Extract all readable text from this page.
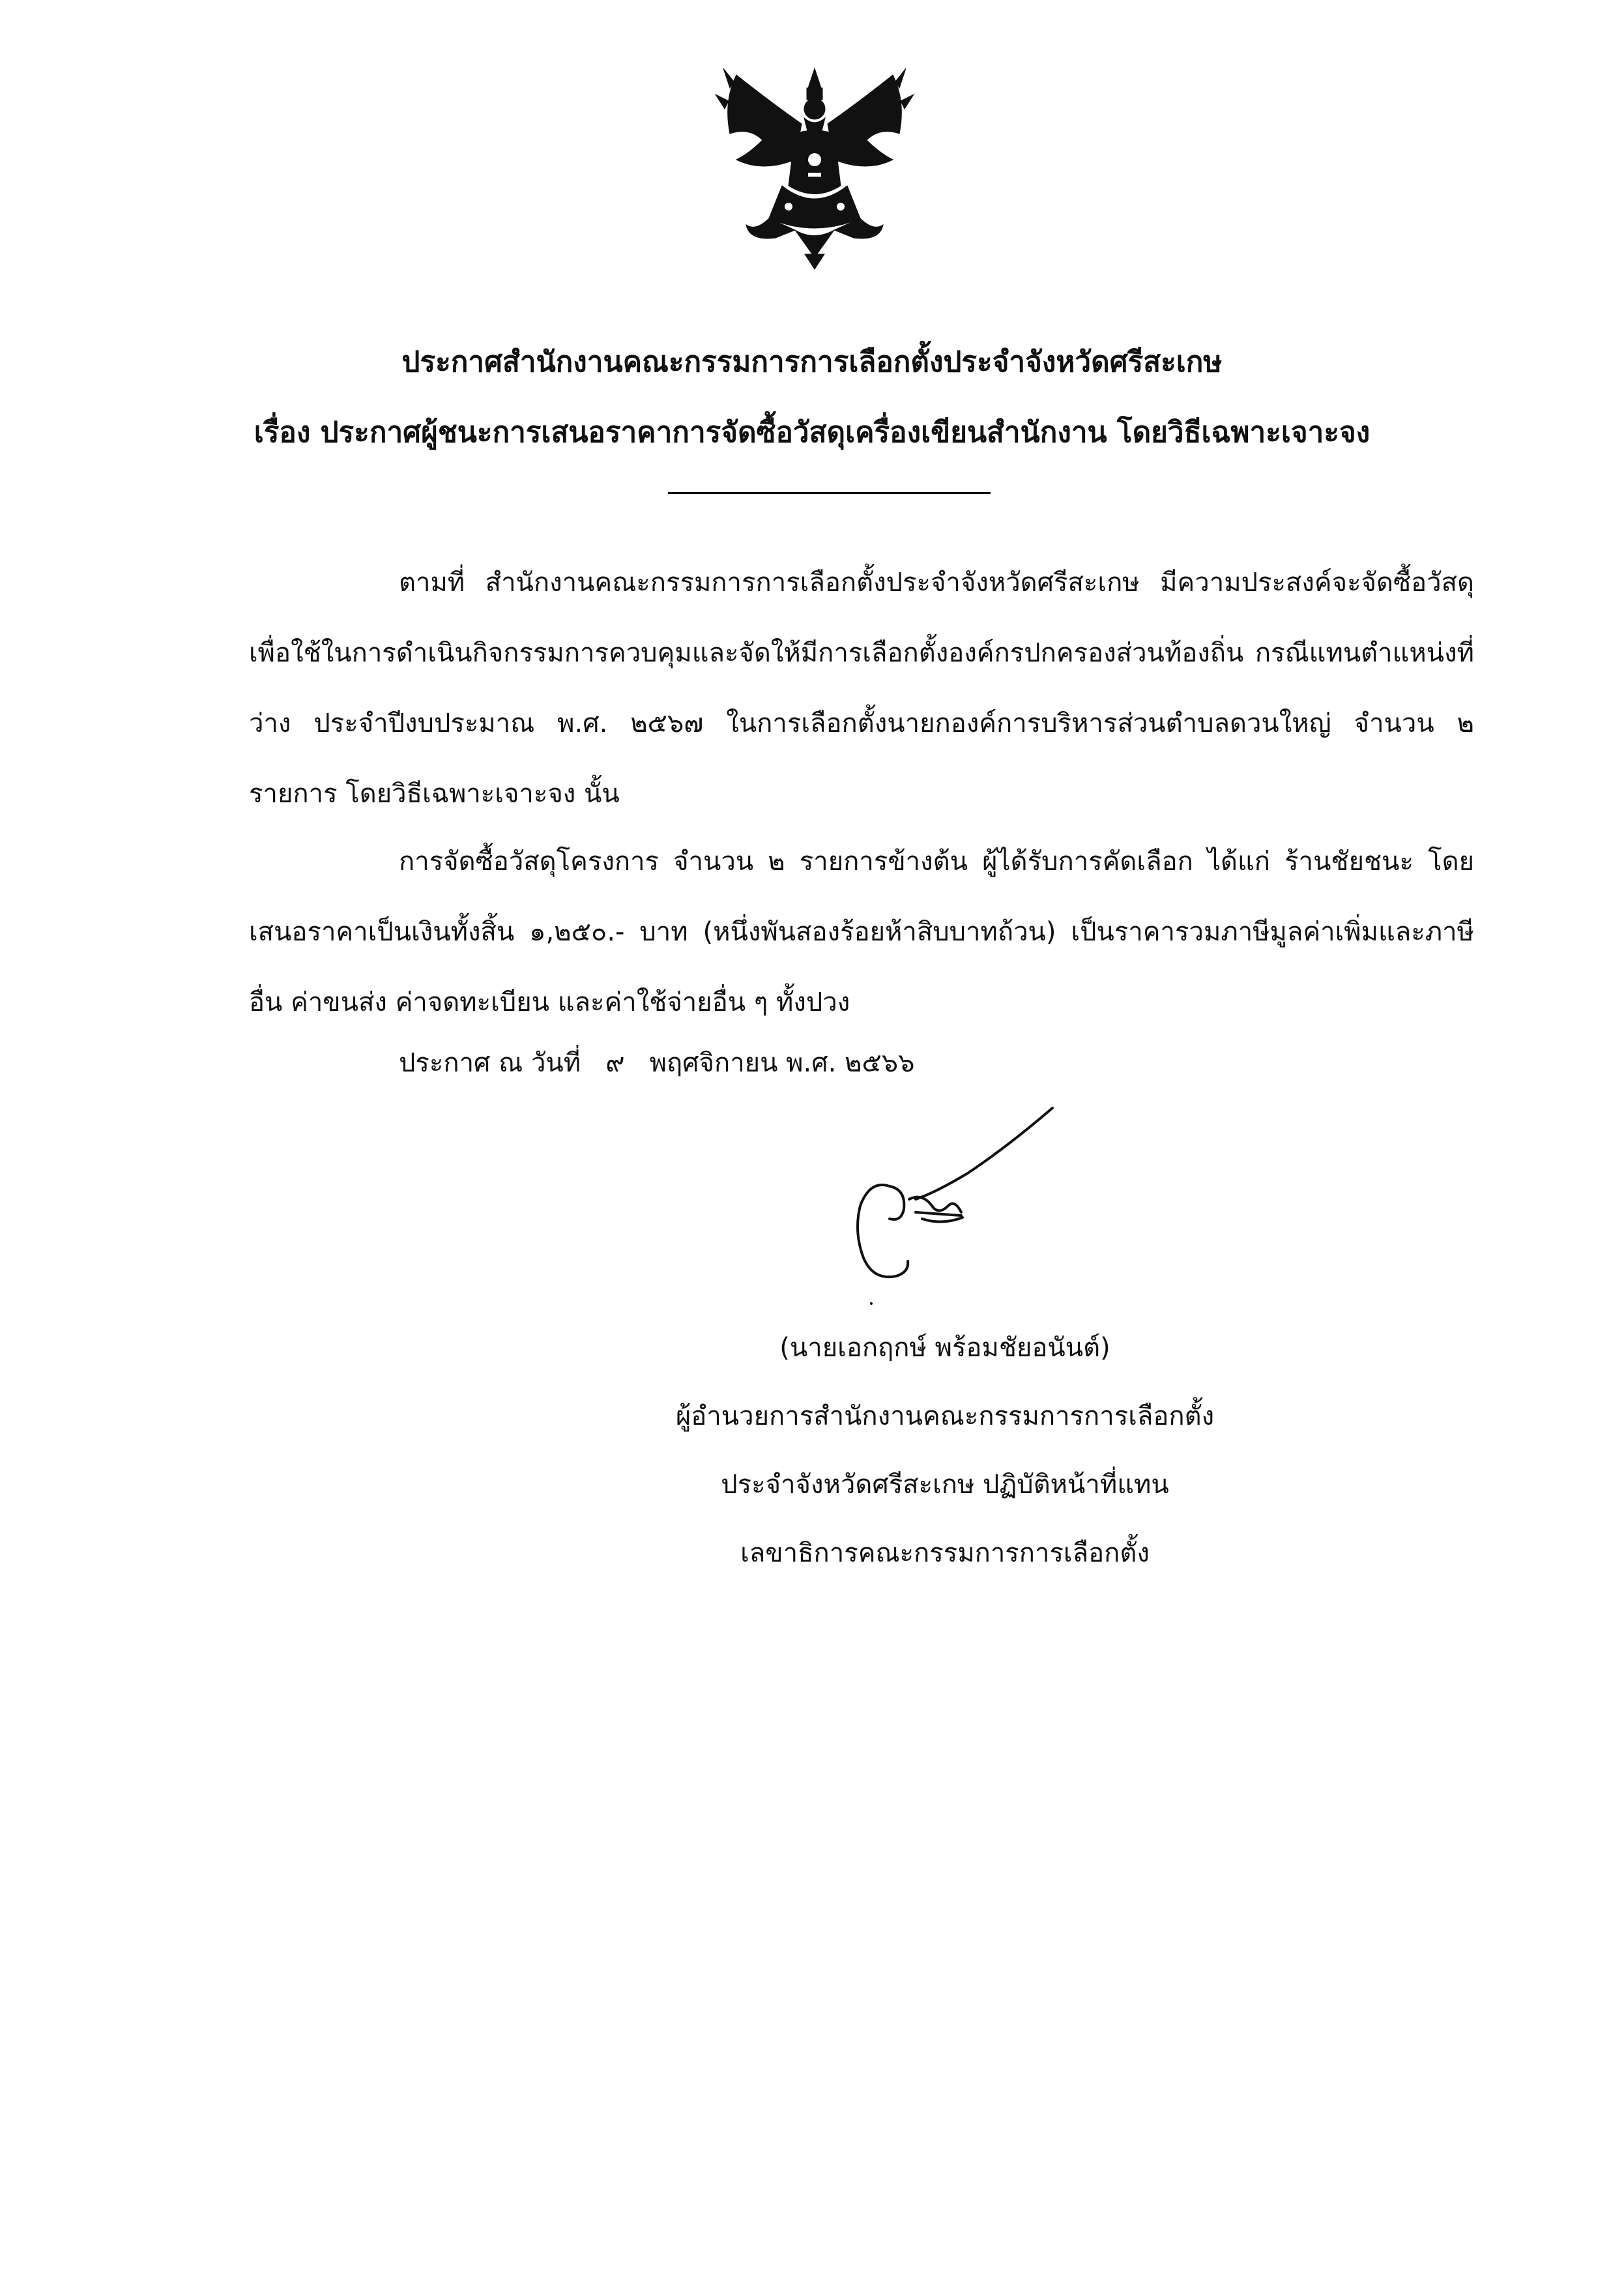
ประกาศสำนักงานคณะกรรมการการเลือกตั้งประจำจังหวัดศรีสะเกษ
เรื่อง ประกาศผู้ชนะการเสนอราคาการจัดซื้อวัสดุเครื่องเขียนสำนักงาน โดยวิธีเฉพาะเจาะจง
ตามที่ สำนักงานคณะกรรมการการเลือกตั้งประจำจังหวัดศรีสะเกษ มีความประสงค์จะจัดซื้อวัสดุ เพื่อใช้ในการดำเนินกิจกรรมการควบคุมและจัดให้มีการเลือกตั้งองค์กรปกครองส่วนท้องถิ่น กรณีแทนตำแหน่งที่ว่าง ประจำปีงบประมาณ พ.ศ. ๒๕๖๗ ในการเลือกตั้งนายกองค์การบริหารส่วนตำบลดวนใหญ่ จำนวน ๒ รายการ โดยวิธีเฉพาะเจาะจง นั้น
การจัดซื้อวัสดุโครงการ จำนวน ๒ รายการข้างต้น ผู้ได้รับการคัดเลือก ได้แก่ ร้านชัยชนะ โดยเสนอราคาเป็นเงินทั้งสิ้น ๑,๒๕๐.- บาท (หนึ่งพันสองร้อยห้าสิบบาทถ้วน) เป็นราคารวมภาษีมูลค่าเพิ่มและภาษีอื่น ค่าขนส่ง ค่าจดทะเบียน และค่าใช้จ่ายอื่น ๆ ทั้งปวง
ประกาศ ณ วันที่ ๙ พฤศจิกายน พ.ศ. ๒๕๖๖
(นายเอกฤกษ์ พร้อมชัยอนันต์)
ผู้อำนวยการสำนักงานคณะกรรมการการเลือกตั้ง
ประจำจังหวัดศรีสะเกษ ปฏิบัติหน้าที่แทน
เลขาธิการคณะกรรมการการเลือกตั้ง
